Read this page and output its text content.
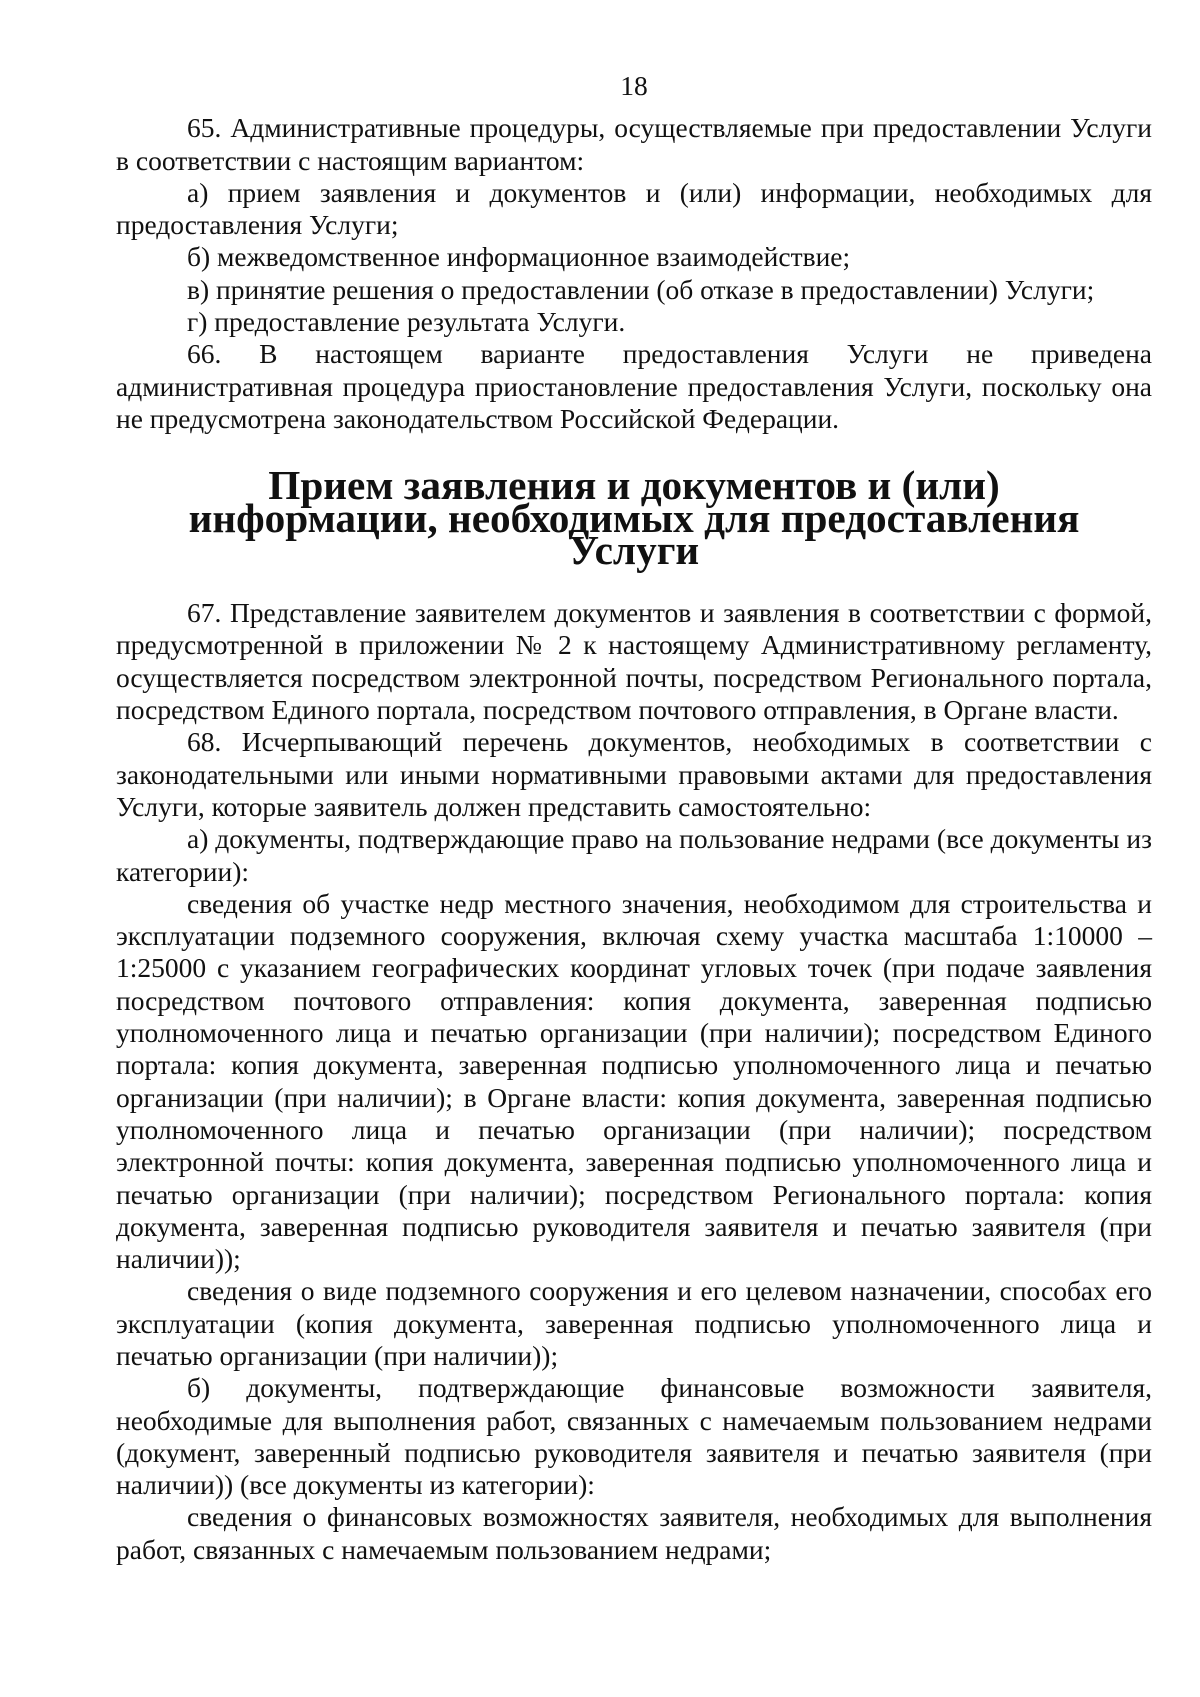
18

65. Административные процедуры, осуществляемые при предоставлении Услуги в соответствии с настоящим вариантом:

а) прием заявления и документов и (или) информации, необходимых для предоставления Услуги;

б) межведомственное информационное взаимодействие;

в) принятие решения о предоставлении (об отказе в предоставлении) Услуги;

г) предоставление результата Услуги.

66. В настоящем варианте предоставления Услуги не приведена административная процедура приостановление предоставления Услуги, поскольку она не предусмотрена законодательством Российской Федерации.

Прием заявления и документов и (или) информации, необходимых для предоставления Услуги

67. Представление заявителем документов и заявления в соответствии с формой, предусмотренной в приложении № 2 к настоящему Административному регламенту, осуществляется посредством электронной почты, посредством Регионального портала, посредством Единого портала, посредством почтового отправления, в Органе власти.

68. Исчерпывающий перечень документов, необходимых в соответствии с законодательными или иными нормативными правовыми актами для предоставления Услуги, которые заявитель должен представить самостоятельно:

а) документы, подтверждающие право на пользование недрами (все документы из категории):

сведения об участке недр местного значения, необходимом для строительства и эксплуатации подземного сооружения, включая схему участка масштаба 1:10000 – 1:25000 с указанием географических координат угловых точек (при подаче заявления посредством почтового отправления: копия документа, заверенная подписью уполномоченного лица и печатью организации (при наличии); посредством Единого портала: копия документа, заверенная подписью уполномоченного лица и печатью организации (при наличии); в Органе власти: копия документа, заверенная подписью уполномоченного лица и печатью организации (при наличии); посредством электронной почты: копия документа, заверенная подписью уполномоченного лица и печатью организации (при наличии); посредством Регионального портала: копия документа, заверенная подписью руководителя заявителя и печатью заявителя (при наличии));

сведения о виде подземного сооружения и его целевом назначении, способах его эксплуатации (копия документа, заверенная подписью уполномоченного лица и печатью организации (при наличии));

б) документы, подтверждающие финансовые возможности заявителя, необходимые для выполнения работ, связанных с намечаемым пользованием недрами (документ, заверенный подписью руководителя заявителя и печатью заявителя (при наличии)) (все документы из категории):

сведения о финансовых возможностях заявителя, необходимых для выполнения работ, связанных с намечаемым пользованием недрами;
